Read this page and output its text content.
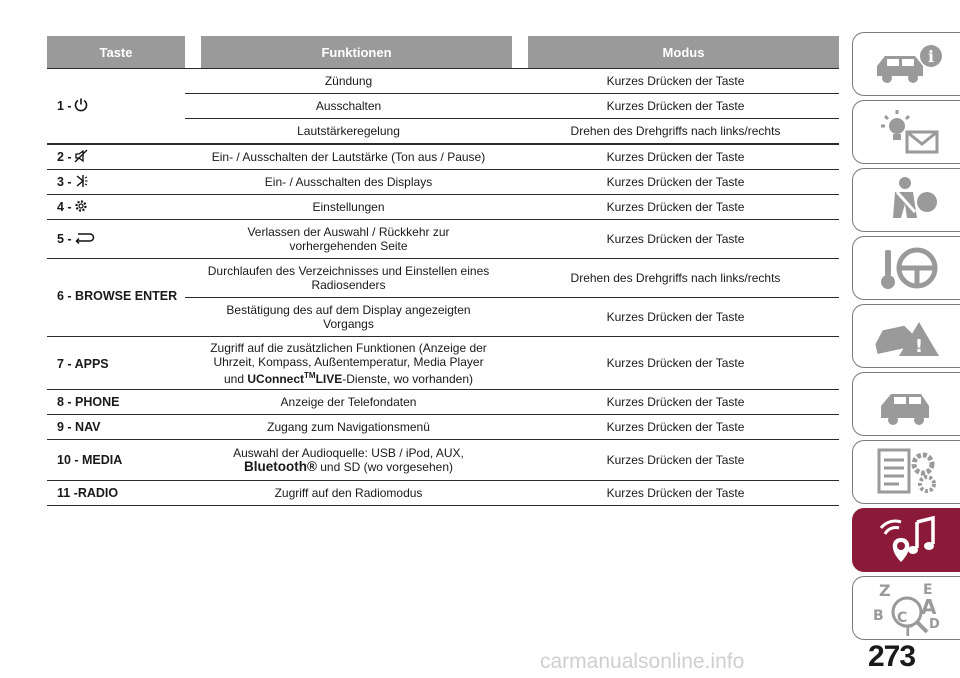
Taste	Funktionen	Modus
1 -
Zündung	Kurzes Drücken der Taste
Ausschalten	Kurzes Drücken der Taste
Lautstärkeregelung	Drehen des Drehgriffs nach links/rechts
2 -	Ein- / Ausschalten der Lautstärke (Ton aus / Pause)	Kurzes Drücken der Taste
3 -	Ein- / Ausschalten des Displays	Kurzes Drücken der Taste
4 -	Einstellungen	Kurzes Drücken der Taste
5 -	Verlassen der Auswahl / Rückkehr zur
vorhergehenden Seite	Kurzes Drücken der Taste
6 - BROWSE ENTER
Durchlaufen des Verzeichnisses und Einstellen eines
Radiosenders	Drehen des Drehgriffs nach links/rechts
Bestätigung des auf dem Display angezeigten
Vorgangs	Kurzes Drücken der Taste
7 - APPS
Zugriff auf die zusätzlichen Funktionen (Anzeige der
Uhrzeit, Kompass, Außentemperatur, Media Player
und UConnect™LIVE-Dienste, wo vorhanden)
Kurzes Drücken der Taste
8 - PHONE	Anzeige der Telefondaten	Kurzes Drücken der Taste
9 - NAV	Zugang zum Navigationsmenü	Kurzes Drücken der Taste
10 - MEDIA	Auswahl der Audioquelle: USB / iPod, AUX,
Bluetooth® und SD (wo vorgesehen)	Kurzes Drücken der Taste
11 -RADIO	Zugriff auf den Radiomodus	Kurzes Drücken der Taste
i
!
Z E
B A
C D
T
carmanualsonline.info	273
